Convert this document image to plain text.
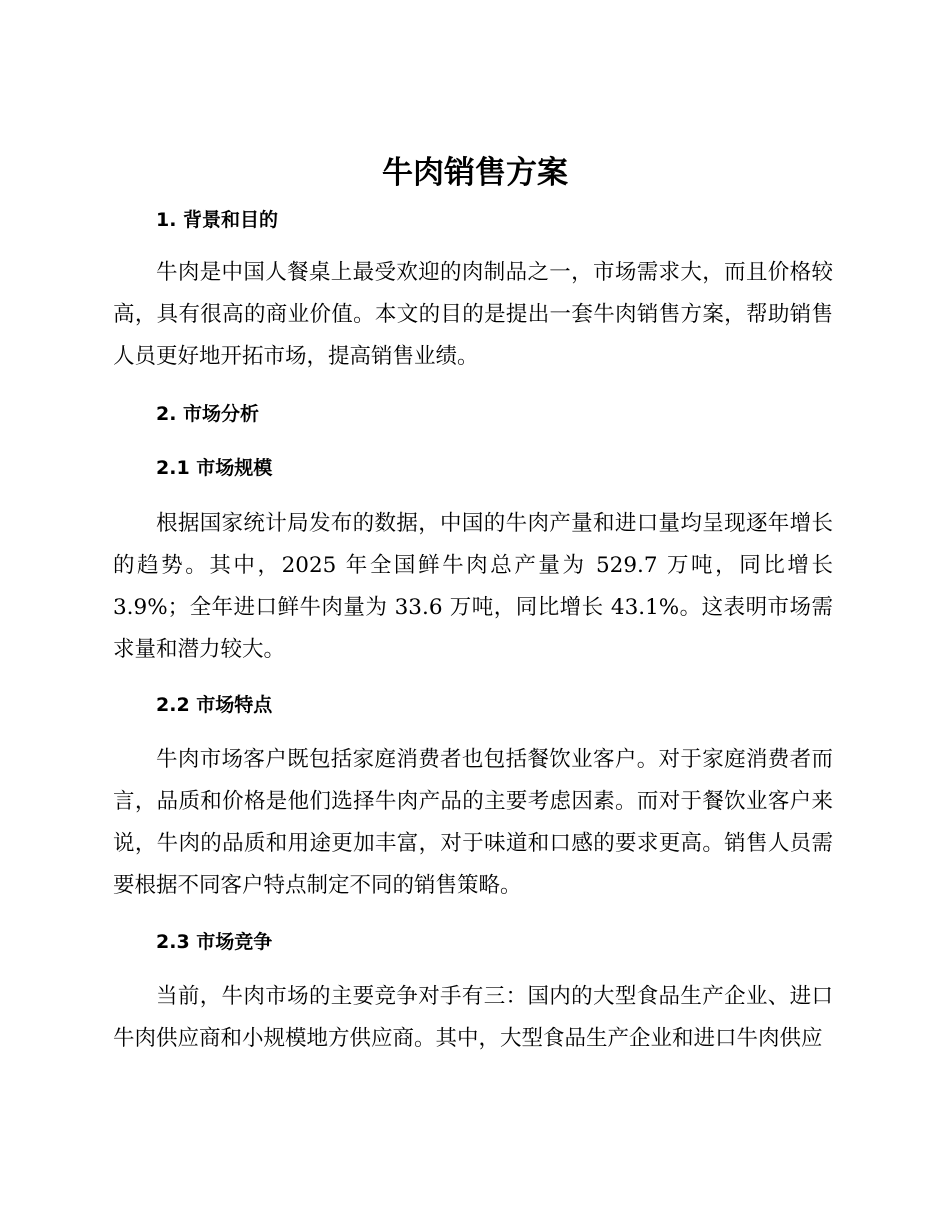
牛肉销售方案
1. 背景和目的

牛肉是中国人餐桌上最受欢迎的肉制品之一，市场需求大，而且价格较高，具有很高的商业价值。本文的目的是提出一套牛肉销售方案，帮助销售人员更好地开拓市场，提高销售业绩。

2. 市场分析
2.1 市场规模

根据国家统计局发布的数据，中国的牛肉产量和进口量均呈现逐年增长的趋势。其中，2025 年全国鲜牛肉总产量为 529.7 万吨，同比增长 3.9%；全年进口鲜牛肉量为 33.6 万吨，同比增长 43.1%。这表明市场需求量和潜力较大。

2.2 市场特点

牛肉市场客户既包括家庭消费者也包括餐饮业客户。对于家庭消费者而言，品质和价格是他们选择牛肉产品的主要考虑因素。而对于餐饮业客户来说，牛肉的品质和用途更加丰富，对于味道和口感的要求更高。销售人员需要根据不同客户特点制定不同的销售策略。

2.3 市场竞争

当前，牛肉市场的主要竞争对手有三：国内的大型食品生产企业、进口牛肉供应商和小规模地方供应商。其中，大型食品生产企业和进口牛肉供应
